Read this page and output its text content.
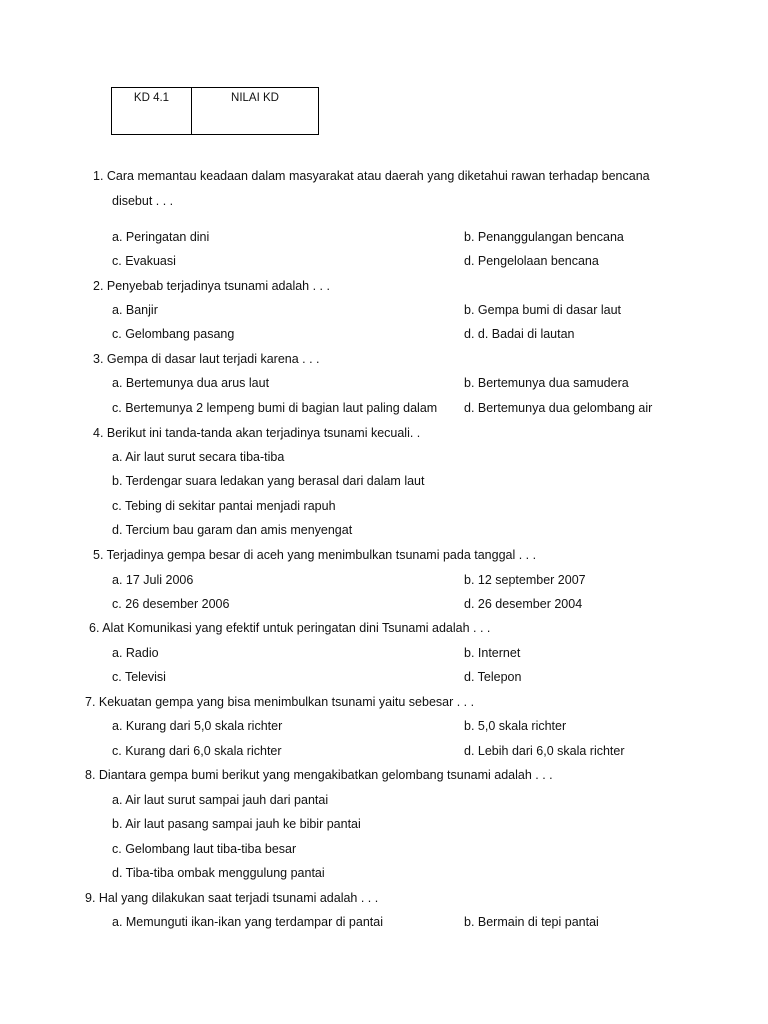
KD 4.1	NILAI KD
1. Cara memantau keadaan dalam masyarakat atau daerah yang diketahui rawan terhadap bencana
disebut . . .
a. Peringatan dini	b. Penanggulangan bencana
c. Evakuasi	d. Pengelolaan bencana
2. Penyebab terjadinya tsunami adalah . . .
a. Banjir	b. Gempa bumi di dasar laut
c. Gelombang pasang	d. d. Badai di lautan
3. Gempa di dasar laut terjadi karena . . .
a. Bertemunya dua arus laut	b. Bertemunya dua samudera
c. Bertemunya 2 lempeng bumi di bagian laut paling dalam d. Bertemunya dua gelombang air
4. Berikut ini tanda-tanda akan terjadinya tsunami kecuali. .
a. Air laut surut secara tiba-tiba
b. Terdengar suara ledakan yang berasal dari dalam laut
c. Tebing di sekitar pantai menjadi rapuh
d. Tercium bau garam dan amis menyengat
5. Terjadinya gempa besar di aceh yang menimbulkan tsunami pada tanggal . . .
a. 17 Juli 2006	b. 12 september 2007
c. 26 desember 2006	d. 26 desember 2004
6. Alat Komunikasi yang efektif untuk peringatan dini Tsunami adalah . . .
a. Radio	b. Internet
c. Televisi	d. Telepon
7. Kekuatan gempa yang bisa menimbulkan tsunami yaitu sebesar . . .
a. Kurang dari 5,0 skala richter	b. 5,0 skala richter
c. Kurang dari 6,0 skala richter	d. Lebih dari 6,0 skala richter
8. Diantara gempa bumi berikut yang mengakibatkan gelombang tsunami adalah . . .
a. Air laut surut sampai jauh dari pantai
b. Air laut pasang sampai jauh ke bibir pantai
c. Gelombang laut tiba-tiba besar
d. Tiba-tiba ombak menggulung pantai
9. Hal yang dilakukan saat terjadi tsunami adalah . . .
a. Memunguti ikan-ikan yang terdampar di pantai	b. Bermain di tepi pantai
